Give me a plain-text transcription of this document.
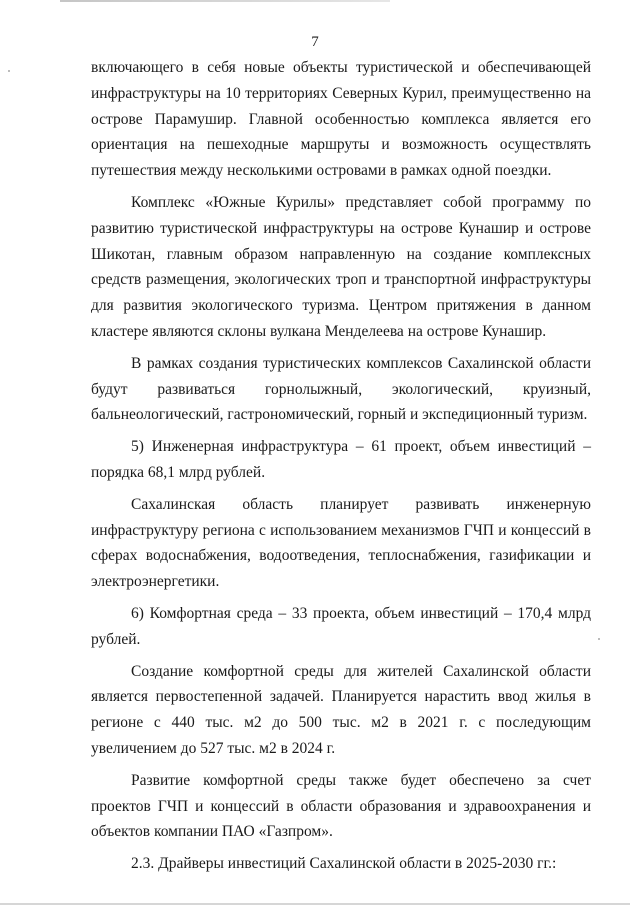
7

включающего в себя новые объекты туристической и обеспечивающей инфраструктуры на 10 территориях Северных Курил, преимущественно на острове Парамушир. Главной особенностью комплекса является его ориентация на пешеходные маршруты и возможность осуществлять путешествия между несколькими островами в рамках одной поездки.

Комплекс «Южные Курилы» представляет собой программу по развитию туристической инфраструктуры на острове Кунашир и острове Шикотан, главным образом направленную на создание комплексных средств размещения, экологических троп и транспортной инфраструктуры для развития экологического туризма. Центром притяжения в данном кластере являются склоны вулкана Менделеева на острове Кунашир.

В рамках создания туристических комплексов Сахалинской области будут развиваться горнолыжный, экологический, круизный, бальнеологический, гастрономический, горный и экспедиционный туризм.

5) Инженерная инфраструктура – 61 проект, объем инвестиций – порядка 68,1 млрд рублей.

Сахалинская область планирует развивать инженерную инфраструктуру региона с использованием механизмов ГЧП и концессий в сферах водоснабжения, водоотведения, теплоснабжения, газификации и электроэнергетики.

6) Комфортная среда – 33 проекта, объем инвестиций – 170,4 млрд рублей.

Создание комфортной среды для жителей Сахалинской области является первостепенной задачей. Планируется нарастить ввод жилья в регионе с 440 тыс. м2 до 500 тыс. м2 в 2021 г. с последующим увеличением до 527 тыс. м2 в 2024 г.

Развитие комфортной среды также будет обеспечено за счет проектов ГЧП и концессий в области образования и здравоохранения и объектов компании ПАО «Газпром».

2.3. Драйверы инвестиций Сахалинской области в 2025-2030 гг.:
